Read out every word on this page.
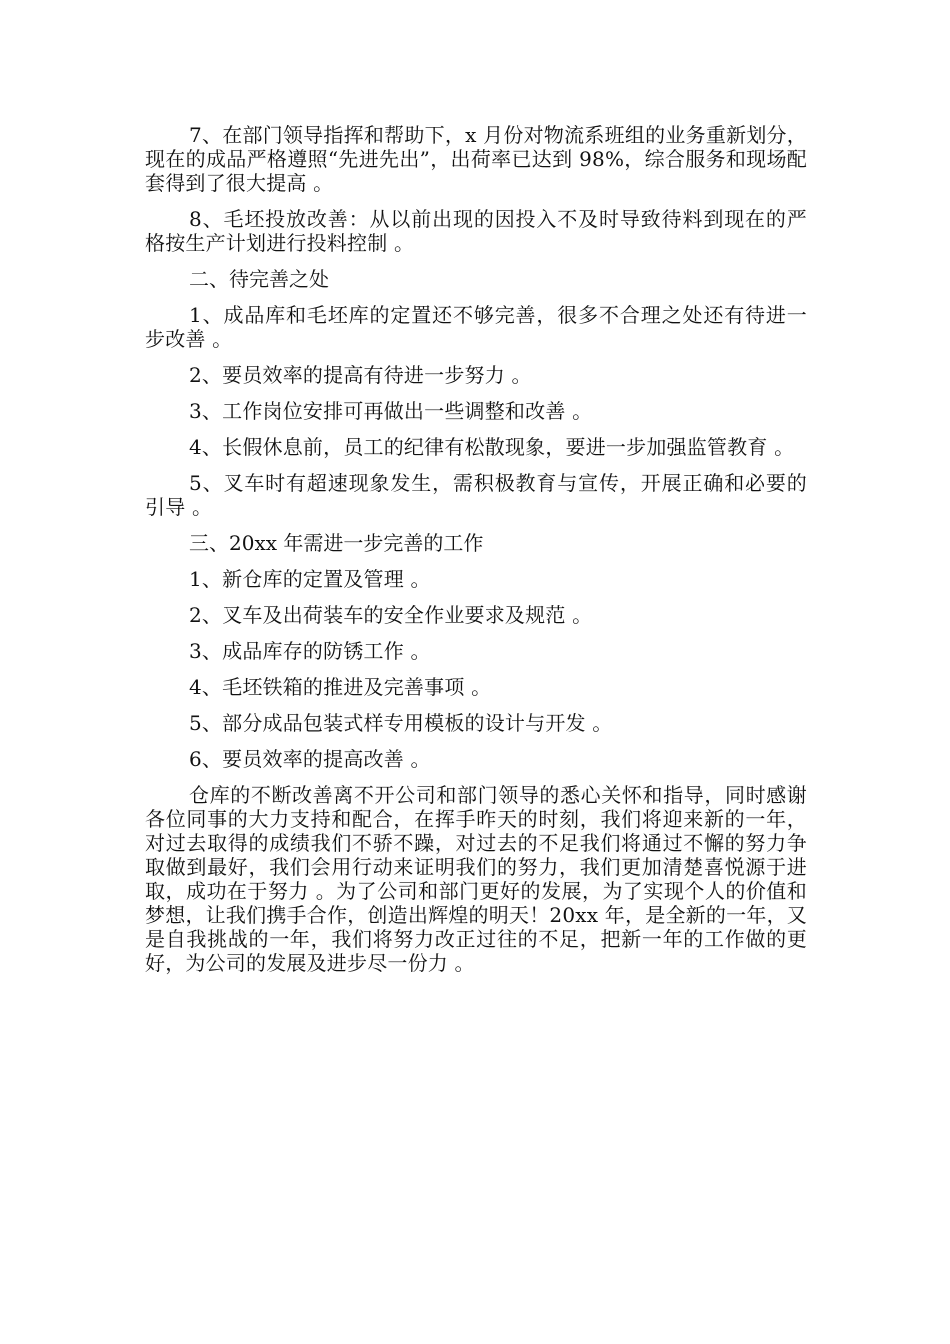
7、在部门领导指挥和帮助下，x 月份对物流系班组的业务重新划分，现在的成品严格遵照“先进先出”，出荷率已达到 98%，综合服务和现场配套得到了很大提高 。

8、毛坯投放改善：从以前出现的因投入不及时导致待料到现在的严格按生产计划进行投料控制 。

二、待完善之处

1、成品库和毛坯库的定置还不够完善，很多不合理之处还有待进一步改善 。

2、要员效率的提高有待进一步努力 。

3、工作岗位安排可再做出一些调整和改善 。

4、长假休息前，员工的纪律有松散现象，要进一步加强监管教育 。

5、叉车时有超速现象发生，需积极教育与宣传，开展正确和必要的引导 。

三、20xx 年需进一步完善的工作

1、新仓库的定置及管理 。

2、叉车及出荷装车的安全作业要求及规范 。

3、成品库存的防锈工作 。

4、毛坯铁箱的推进及完善事项 。

5、部分成品包装式样专用模板的设计与开发 。

6、要员效率的提高改善 。

仓库的不断改善离不开公司和部门领导的悉心关怀和指导，同时感谢各位同事的大力支持和配合，在挥手昨天的时刻，我们将迎来新的一年，对过去取得的成绩我们不骄不躁，对过去的不足我们将通过不懈的努力争取做到最好，我们会用行动来证明我们的努力，我们更加清楚喜悦源于进取，成功在于努力 。为了公司和部门更好的发展，为了实现个人的价值和梦想，让我们携手合作，创造出辉煌的明天！20xx 年，是全新的一年，又是自我挑战的一年，我们将努力改正过往的不足，把新一年的工作做的更好，为公司的发展及进步尽一份力 。
